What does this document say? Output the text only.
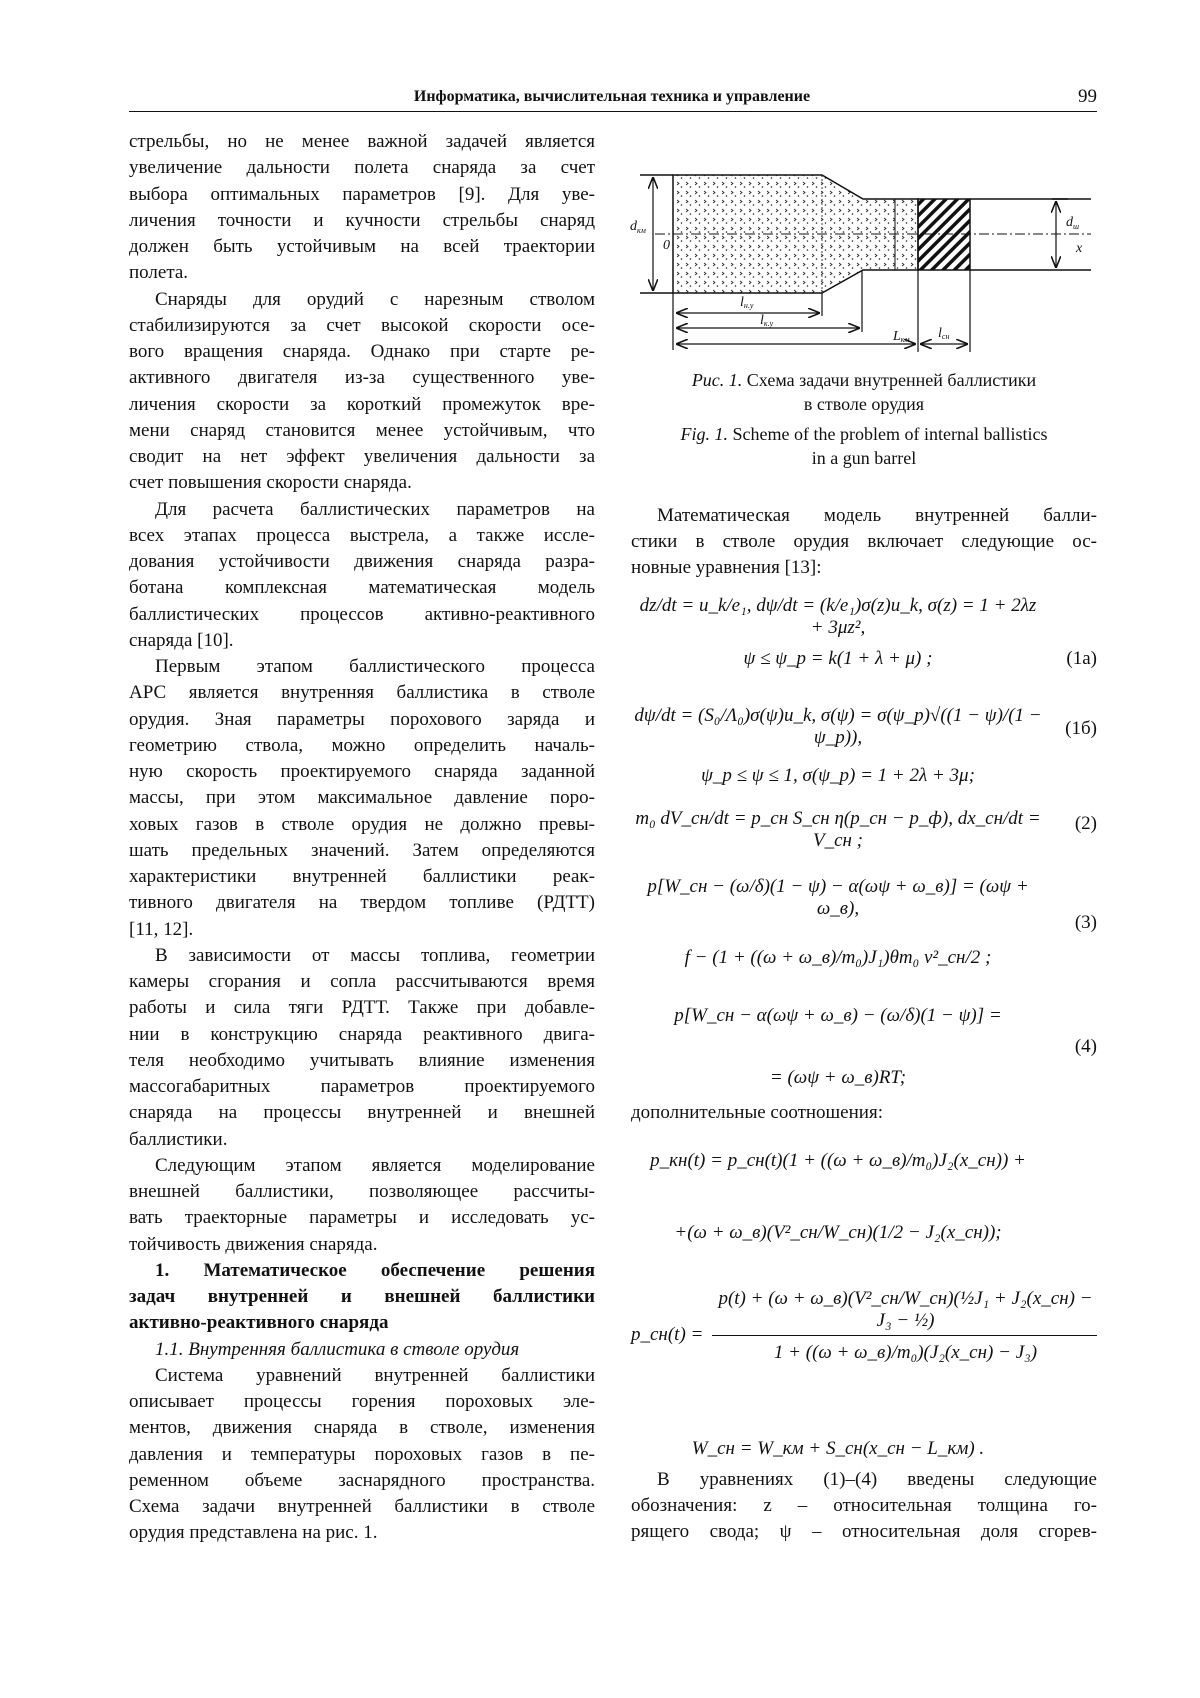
Информатика, вычислительная техника и управление	99
стрельбы, но не менее важной задачей является
увеличение дальности полета снаряда за счет
выбора оптимальных параметров [9]. Для уве-
личения точности и кучности стрельбы снаряд
должен быть устойчивым на всей траектории
полета.
Снаряды для орудий с нарезным стволом
стабилизируются за счет высокой скорости осе-
вого вращения снаряда. Однако при старте ре-
активного двигателя из-за существенного уве-
личения скорости за короткий промежуток вре-
мени снаряд становится менее устойчивым, что
сводит на нет эффект увеличения дальности за
счет повышения скорости снаряда.
Для расчета баллистических параметров на
всех этапах процесса выстрела, а также иссле-
дования устойчивости движения снаряда разра-
ботана комплексная математическая модель
баллистических процессов активно-реактивного
снаряда [10].
Первым этапом баллистического процесса
АРС является внутренняя баллистика в стволе
орудия. Зная параметры порохового заряда и
геометрию ствола, можно определить началь-
ную скорость проектируемого снаряда заданной
массы, при этом максимальное давление поро-
ховых газов в стволе орудия не должно превы-
шать предельных значений. Затем определяются
характеристики внутренней баллистики реак-
тивного двигателя на твердом топливе (РДТТ)
[11, 12].
В зависимости от массы топлива, геометрии
камеры сгорания и сопла рассчитываются время
работы и сила тяги РДТТ. Также при добавле-
нии в конструкцию снаряда реактивного двига-
теля необходимо учитывать влияние изменения
массогабаритных параметров проектируемого
снаряда на процессы внутренней и внешней
баллистики.
Следующим этапом является моделирование
внешней баллистики, позволяющее рассчиты-
вать траекторные параметры и исследовать ус-
тойчивость движения снаряда.
1. Математическое обеспечение решения
задач внутренней и внешней баллистики
активно-реактивного снаряда
1.1. Внутренняя баллистика в стволе орудия
Система уравнений внутренней баллистики
описывает процессы горения пороховых эле-
ментов, движения снаряда в стволе, изменения
давления и температуры пороховых газов в пе-
ременном объеме заснарядного пространства.
Схема задачи внутренней баллистики в стволе
орудия представлена на рис. 1.
dкм
0
dш
x
lн.у
lк.у
Lкм lсн
Рис. 1. Схема задачи внутренней баллистики
в стволе орудия
Fig. 1. Scheme of the problem of internal ballistics
in a gun barrel
Математическая модель внутренней балли-
стики в стволе орудия включает следующие ос-
новные уравнения [13]:
dz/dt = u_k/e₁, dψ/dt = (k/e₁)σ(z)u_k, σ(z) = 1 + 2λz + 3μz²,
ψ ≤ ψ_p = k(1 + λ + μ) ;	(1а)
dψ/dt = (S₀/Λ₀)σ(ψ)u_k, σ(ψ) = σ(ψ_p)√((1 − ψ)/(1 − ψ_p)),	(1б)
ψ_p ≤ ψ ≤ 1, σ(ψ_p) = 1 + 2λ + 3μ;
m₀ dV_сн/dt = p_сн S_сн η(p_сн − p_ф), dx_сн/dt = V_сн ;
(2)
p[W_сн − (ω/δ)(1 − ψ) − α(ωψ + ω_в)] = (ωψ + ω_в),
(3)
f − (1 + ((ω + ω_в)/m₀)J₁)θm₀ v²_сн/2 ;
p[W_сн − α(ωψ + ω_в) − (ω/δ)(1 − ψ)] =
(4)
= (ωψ + ω_в)RT;
дополнительные соотношения:
p_кн(t) = p_сн(t)(1 + ((ω + ω_в)/m₀)J₂(x_сн)) +
+(ω + ω_в)(V²_сн/W_сн)(1/2 − J₂(x_сн));
p(t) + (ω + ω_в)(V²_сн/W_сн)(½J₁ + J₂(x_сн) − J₃ − ½)
p_сн(t) =
1 + ((ω + ω_в)/m₀)(J₂(x_сн) − J₃)
W_сн = W_км + S_сн(x_сн − L_км) .
В уравнениях (1)–(4) введены следующие
обозначения: z – относительная толщина го-
рящего свода; ψ – относительная доля сгорев-
